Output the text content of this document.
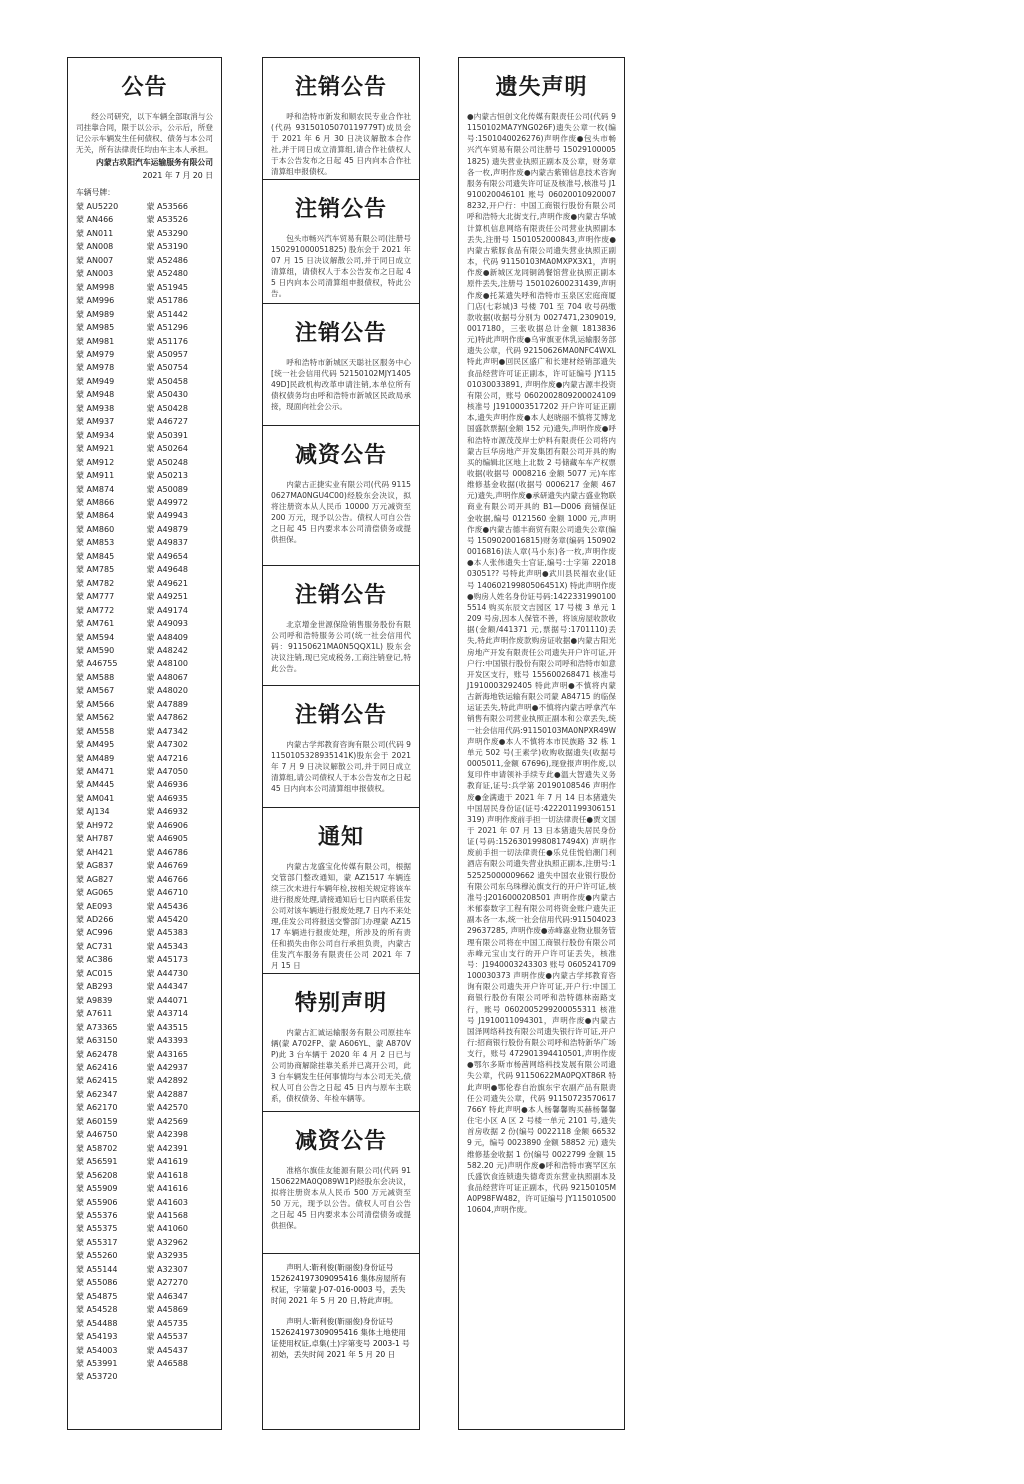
公告
经公司研究，以下车辆全部取消与公司挂靠合同，限于以公示，公示后，所登记公示车辆发生任何债权、债务与本公司无关，所有法律责任均由车主本人承担。
内蒙古玖阳汽车运输服务有限公司
2021 年 7 月 20 日
车辆号牌：
蒙 AU5220	蒙 A53566
蒙 AN466	蒙 A53526
蒙 AN011	蒙 A53290
蒙 AN008	蒙 A53190
蒙 AN007	蒙 A52486
蒙 AN003	蒙 A52480
蒙 AM998	蒙 A51945
蒙 AM996	蒙 A51786
蒙 AM989	蒙 A51442
蒙 AM985	蒙 A51296
蒙 AM981	蒙 A51176
蒙 AM979	蒙 A50957
蒙 AM978	蒙 A50754
蒙 AM949	蒙 A50458
蒙 AM948	蒙 A50430
蒙 AM938	蒙 A50428
蒙 AM937	蒙 A46727
蒙 AM934	蒙 A50391
蒙 AM921	蒙 A50264
蒙 AM912	蒙 A50248
蒙 AM911	蒙 A50213
蒙 AM874	蒙 A50089
蒙 AM866	蒙 A49972
蒙 AM864	蒙 A49943
蒙 AM860	蒙 A49879
蒙 AM853	蒙 A49837
蒙 AM845	蒙 A49654
蒙 AM785	蒙 A49648
蒙 AM782	蒙 A49621
蒙 AM777	蒙 A49251
蒙 AM772	蒙 A49174
蒙 AM761	蒙 A49093
蒙 AM594	蒙 A48409
蒙 AM590	蒙 A48242
蒙 A46755	蒙 A48100
蒙 AM588	蒙 A48067
蒙 AM567	蒙 A48020
蒙 AM566	蒙 A47889
蒙 AM562	蒙 A47862
蒙 AM558	蒙 A47342
蒙 AM495	蒙 A47302
蒙 AM489	蒙 A47216
蒙 AM471	蒙 A47050
蒙 AM445	蒙 A46936
蒙 AM041	蒙 A46935
蒙 AJ134	蒙 A46932
蒙 AH972	蒙 A46906
蒙 AH787	蒙 A46905
蒙 AH421	蒙 A46786
蒙 AG837	蒙 A46769
蒙 AG827	蒙 A46766
蒙 AG065	蒙 A46710
蒙 AE093	蒙 A45436
蒙 AD266	蒙 A45420
蒙 AC996	蒙 A45383
蒙 AC731	蒙 A45343
蒙 AC386	蒙 A45173
蒙 AC015	蒙 A44730
蒙 AB293	蒙 A44347
蒙 A9839	蒙 A44071
蒙 A7611	蒙 A43714
蒙 A73365	蒙 A43515
蒙 A63150	蒙 A43393
蒙 A62478	蒙 A43165
蒙 A62416	蒙 A42937
蒙 A62415	蒙 A42892
蒙 A62347	蒙 A42887
蒙 A62170	蒙 A42570
蒙 A60159	蒙 A42569
蒙 A46750	蒙 A42398
蒙 A58702	蒙 A42391
蒙 A56591	蒙 A41619
蒙 A56208	蒙 A41618
蒙 A55909	蒙 A41616
蒙 A55906	蒙 A41603
蒙 A55376	蒙 A41568
蒙 A55375	蒙 A41060
蒙 A55317	蒙 A32962
蒙 A55260	蒙 A32935
蒙 A55144	蒙 A32307
蒙 A55086	蒙 A27270
蒙 A54875	蒙 A46347
蒙 A54528	蒙 A45869
蒙 A54488	蒙 A45735
蒙 A54193	蒙 A45537
蒙 A54003	蒙 A45437
蒙 A53991	蒙 A46588
蒙 A53720
注销公告
呼和浩特市新发和顺农民专业合作社(代码 93150105070119779T)成员会于 2021 年 6 月 30 日决议解散本合作社,并于同日成立清算组,请合作社债权人于本公告发布之日起 45 日内向本合作社清算组申报债权。
注销公告
包头市畅兴汽车贸易有限公司(注册号 150291000051825) 股东会于 2021 年 07 月 15 日决议解散公司,并于同日成立清算组，请债权人于本公告发布之日起 45 日内向本公司清算组申报债权，特此公告。
注销公告
呼和浩特市新城区天聪社区服务中心[统一社会信用代码 52150102MJY140549D]民政机构改革申请注销,本单位所有债权债务均由呼和浩特市新城区民政局承接，现面向社会公示。
减资公告
内蒙古正捷实业有限公司(代码 91150627MA0NGU4C00)经股东会决议，拟将注册资本从人民币 10000 万元减资至 200 万元，现予以公告。债权人可自公告之日起 45 日内要求本公司清偿债务或提供担保。
注销公告
北京增金世源保险销售服务股份有限公司呼和浩特服务公司(统一社会信用代码：91150621MA0N5QQX1L) 股东会决议注销,现已完成税务,工商注销登记,特此公告。
注销公告
内蒙古学邦教育咨询有限公司(代码 91150105328935141K)股东会于 2021 年 7 月 9 日决议解散公司,并于同日成立清算组,请公司债权人于本公告发布之日起 45 日内向本公司清算组申报债权。
通知
内蒙古龙盛宝化传媒有限公司，根据交管部门整改通知，蒙 AZ1517 车辆连续三次未进行车辆年检,按相关规定将该车进行报废处理,请接通知后七日内联系佳发公司对该车辆进行报废处理,7 日内不来处理,佳发公司将报送交警部门办理蒙 AZ1517 车辆进行报废处理，所涉及的所有责任和损失由你公司自行承担负责，内蒙古佳发汽车服务有限责任公司 2021 年 7 月 15 日
特别声明
内蒙古汇诚运输服务有限公司原挂车辆(蒙 A702FP、蒙 A606YL、蒙 A870VP)此 3 台车辆于 2020 年 4 月 2 日已与公司协商解除挂靠关系并已离开公司，此 3 台车辆发生任何事情均与本公司无关,债权人可自公告之日起 45 日内与原车主联系，债权债务、年检车辆等。
减资公告
准格尔旗佳友能源有限公司(代码 91150622MA0Q089W1P)经股东会决议，拟将注册资本从人民币 500 万元减资至 50 万元，现予以公告。债权人可自公告之日起 45 日内要求本公司清偿债务或提供担保。

声明人:靳利俊(靳丽俊)身份证号 152624197309095416 集体房屋所有权证，字第蒙 J-07-016-0003 号，丢失时间 2021 年 5 月 20 日,特此声明。

声明人:靳利俊(靳丽俊)身份证号 152624197309095416 集体土地使用证使用权证,卓集(土)字第变号 2003-1 号初始，丢失时间 2021 年 5 月 20 日

遗失声明
●内蒙古恒创文化传媒有限责任公司(代码 91150102MA7YNG026F)遗失公章一枚(编号:1501040026276)声明作废●包头市畅兴汽车贸易有限公司注册号 150291000051825) 遗失营业执照正副本及公章，财务章各一枚,声明作废●内蒙古紫锦信息技术咨询服务有限公司遗失许可证及核准号,核准号 J1910020046101 账号 060200109200078232,开户行：中国工商银行股份有限公司呼和浩特大北街支行,声明作废●内蒙古华城计算机信息网络有限责任公司营业执照副本丢失,注册号 1501052000843,声明作废●内蒙古紫豚食品有限公司遗失营业执照正副本，代码 91150103MA0MXPX3X1，声明作废●新城区龙同铜鸽餐馆营业执照正副本原件丢失,注册号 150102600231439,声明作废●托某遗失呼和浩特市玉泉区宏庭商厦门店(七彩城)3 号楼 701 至 704 收号码缴款收据(收据号分别为 0027471,2309019,0017180，三张收据总计金额 1813836 元)特此声明作废●乌审旗亚休乳运输服务部遗失公章，代码 92150626MA0NFC4WXL 特此声明●回民区盛广和长建材经销部遗失食品经营许可证正副本，许可证编号 JY11501030033891, 声明作废●内蒙古源丰投资有限公司，账号 0602002809200024109 核准号 J1910003517202 开户许可证正副本,遗失声明作废●本人赵晓丽不慎将艾博龙国盛款票据(金额 152 元)遗失,声明作废●呼和浩特市源茂茂岸士炉料有限责任公司将内蒙古巨华房地产开发集团有限公司开具的购买的编辑北区地上北数 2 号储藏车车产权票收据(收据号 0008216 金额 5077 元)车库维修基金收据(收据号 0006217 金额 467 元)遗失,声明作废●承研遗失内蒙古盛业物联商业有限公司开具的 B1—D006 商铺保证金收据,编号 0121560 金额 1000 元,声明作废●内蒙古德丰商贸有限公司遗失公章(编号 1509020016815)财务章(编码 1509020016816)法人章(马小东)各一枚,声明作废●本人张伟遗失士官证,编号:士字第 2201803051?? 号特此声明●武川县民福农业(证号 14060219980506451X) 特此声明作废●购房人姓名身份证号码:14223319901005514 购买东辰文吉园区 17 号楼 3 单元 1209 号房,因本人保管不善，将该房屋收款收据(金额/441371 元,票据号:1701110)丢失,特此声明作废款购房证收据●内蒙古阳光房地产开发有限责任公司遗失开户许可证,开户行:中国银行股份有限公司呼和浩特市如意开发区支行，账号 155600268471 核准号 J1910003292405 特此声明●不慎将内蒙古新海地铁运输有限公司蒙 A84715 的临保运证丢失,特此声明●不慎将内蒙古呼拿汽车销售有限公司营业执照正副本和公章丢失,统一社会信用代码:91150103MA0NPXR49W 声明作废●本人不慎将本市民族路 32 栋 1 单元 502 号(王素学)收购收据遗失(收据号 0005011,金额 67696),现登报声明作废,以复印件申请领补手续专此●温大智遗失义务教育证,证号:兵学第 20190108546 声明作废●金满遗于 2021 年 7 月 14 日本猪遗失中国居民身份证(证号:422201199306151319) 声明作废前手担一切法律责任●贾文国于 2021 年 07 月 13 日本猪遗失居民身份证(号码:15263019980817494X) 声明作废前手担一切法律责任●乐兑佳悦伯潮门利酒店有限公司遗失营业执照正副本,注册号:152525000009662 遗失中国农业银行股份有限公司东乌珠穆沁旗支行的开户许可证,核准号:J2016000208501 声明作废●内蒙古米郁泰数字工程有限公司将资金账户遗失正副本各一本,统一社会信用代码:91150402329637285, 声明作废●赤峰嘉业物业服务管理有限公司将在中国工商银行股份有限公司赤峰元宝山支行的开户许可证丢失，核准号：J1940003243303 账号 0605241709100030373 声明作废●内蒙古学邦教育咨询有限公司遗失开户许可证,开户行:中国工商银行股份有限公司呼和浩特德林南路支行，账号 0602005299200055311 核准号 J1910011094301，声明作废●内蒙古国泽网络科技有限公司遗失银行许可证,开户行:招商银行股份有限公司呼和浩特新华广场支行，账号 472901394410501,声明作废●鄂尔多斯市杨茜网络科技发展有限公司遗失公章，代码 91150622MA0PQXT86R 特此声明●鄂伦春自治旗东宇农副产品有限责任公司遗失公章，代码 91150723570617766Y 特此声明●本人杨馨馨购买赫杨馨馨住宅小区 A 区 2 号楼一单元 2101 号,遗失首房收据 2 份(编号 0022118 金额 665329 元，编号 0023890 金额 58852 元) 遗失维修基金收据 1 份(编号 0022799 金额 15582.20 元)声明作废●呼和浩特市赛罕区东氏盛饮食连锁遗失德鸢贡东营业执照副本及食品经营许可证正副本，代码 92150105MA0P98FW482，许可证编号 JY11501050010604,声明作废。
